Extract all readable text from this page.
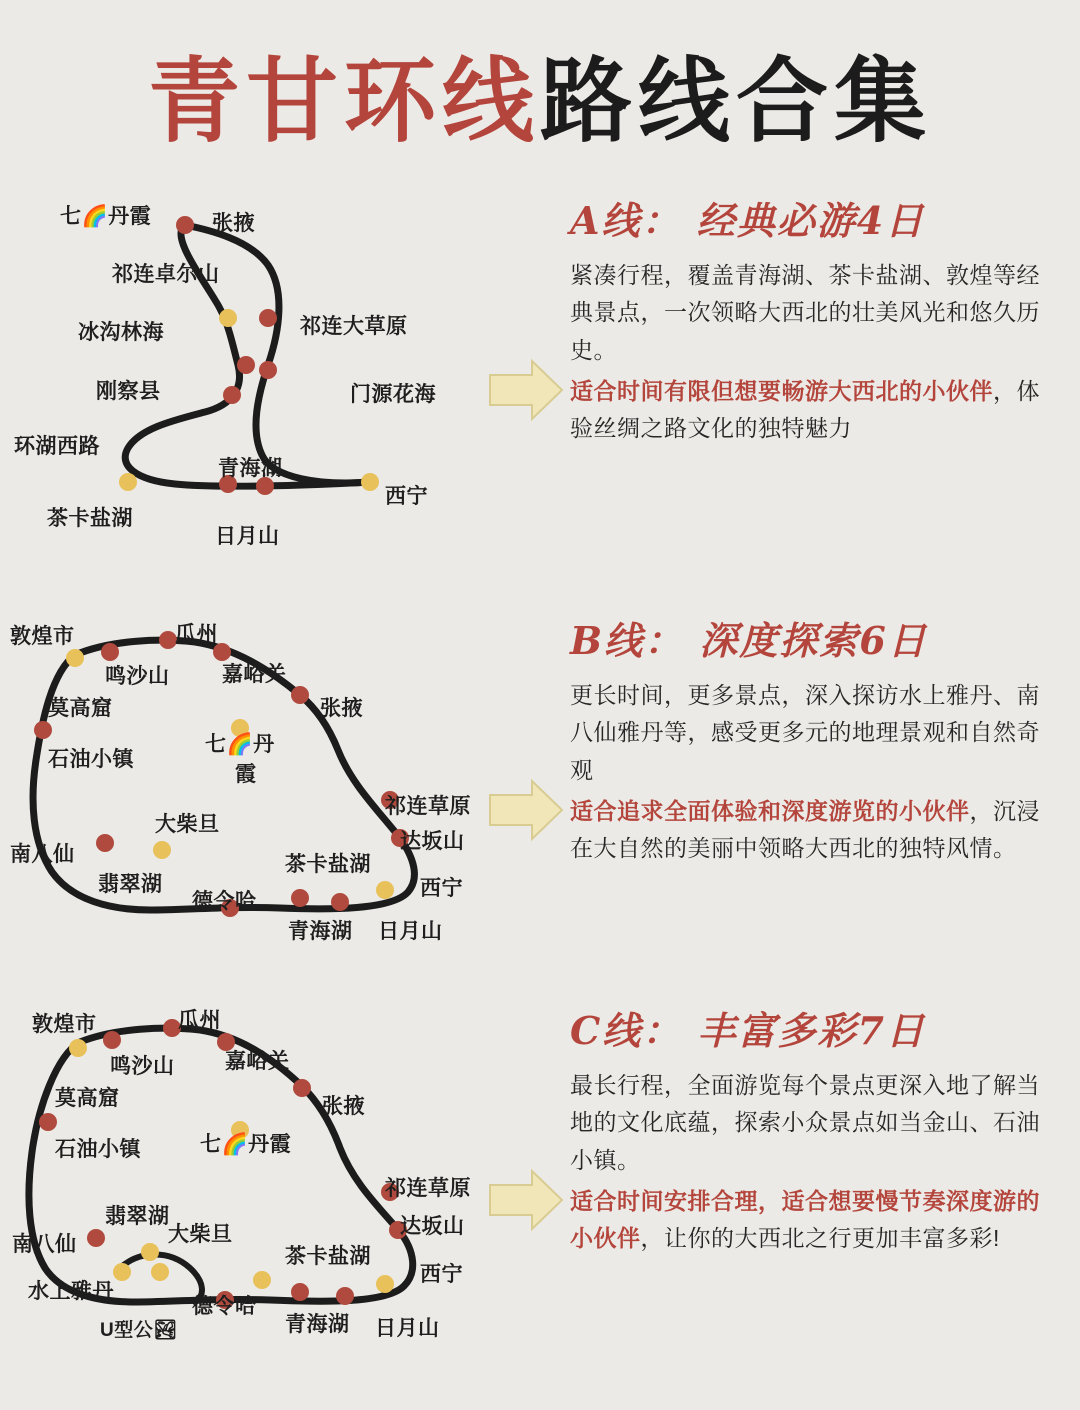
青甘环线路线合集
七🌈丹霞	张掖
祁连卓尔山
冰沟林海	祁连大草原
门源花海
刚察县
环湖西路
青海湖
西宁
茶卡盐湖
日月山
A线： 经典必游4日
紧凑行程，覆盖青海湖、茶卡盐湖、敦煌等经典景点，一次领略大西北的壮美风光和悠久历史。
适合时间有限但想要畅游大西北的小伙伴，体验丝绸之路文化的独特魅力
敦煌市	瓜州
鸣沙山	嘉峪关
莫高窟	张掖
七🌈丹
石油小镇
霞
祁连草原
大柴旦
达坂山
南八仙	茶卡盐湖
翡翠湖	西宁
德令哈
青海湖 日月山
B线： 深度探索6日
更长时间，更多景点，深入探访水上雅丹、南八仙雅丹等，感受更多元的地理景观和自然奇观
适合追求全面体验和深度游览的小伙伴，沉浸在大自然的美丽中领略大西北的独特风情。
敦煌市	瓜州
鸣沙山 嘉峪关
莫高窟	张掖
七🌈丹霞
石油小镇
祁连草原
达坂山
翡翠湖
大柴旦
南八仙
茶卡盐湖
西宁
水上雅丹
德令哈
青海湖
U型公🏞	日月山
C线： 丰富多彩7日
最长行程，全面游览每个景点更深入地了解当地的文化底蕴，探索小众景点如当金山、石油小镇。
适合时间安排合理，适合想要慢节奏深度游的小伙伴，让你的大西北之行更加丰富多彩!
